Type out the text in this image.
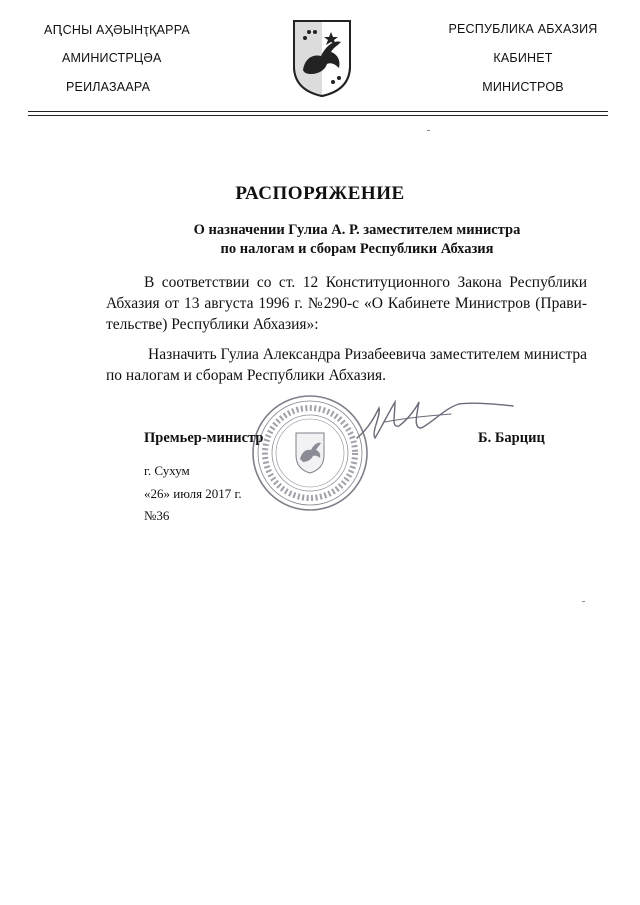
АԤСНЫ АҲӘЫНҭҚАРРА
АМИНИСТРЦӘА
РЕИЛАЗААРА
РЕСПУБЛИКА АБХАЗИЯ
КАБИНЕТ
МИНИСТРОВ
РАСПОРЯЖЕНИЕ
О назначении Гулиа А. Р. заместителем министра
по налогам и сборам Республики Абхазия
В соответствии со ст. 12 Конституционного Закона Республики
Абхазия от 13 августа 1996 г. №290-с «О Кабинете Министров (Прави-
тельстве) Республики Абхазия»:
Назначить Гулиа Александра Ризабеевича заместителем министра
по налогам и сборам Республики Абхазия.
Премьер-министр	Б. Барциц
г. Сухум
«26» июля 2017 г.
№36
